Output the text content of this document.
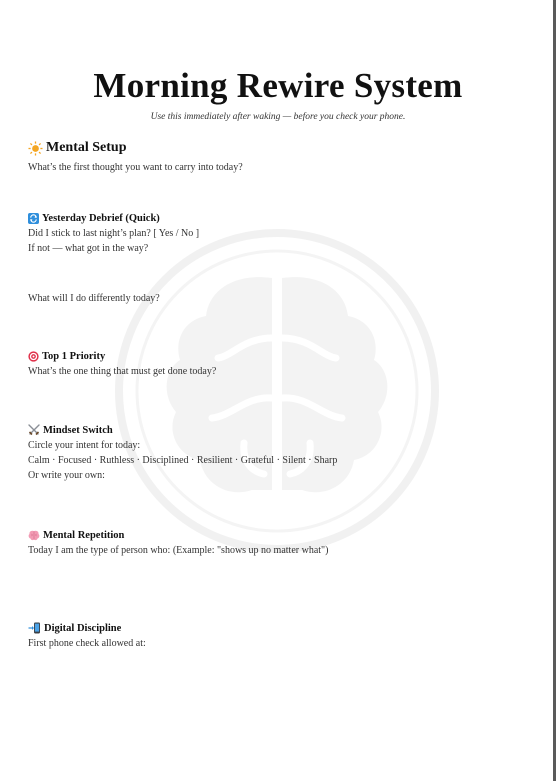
Morning Rewire System
Use this immediately after waking — before you check your phone.
Mental Setup
What’s the first thought you want to carry into today?
Yesterday Debrief (Quick)
Did I stick to last night’s plan? [ Yes / No ]
If not — what got in the way?
What will I do differently today?
Top 1 Priority
What’s the one thing that must get done today?
Mindset Switch
Circle your intent for today:
Calm · Focused · Ruthless · Disciplined · Resilient · Grateful · Silent · Sharp
Or write your own:
Mental Repetition
Today I am the type of person who: (Example: "shows up no matter what")
Digital Discipline
First phone check allowed at:
